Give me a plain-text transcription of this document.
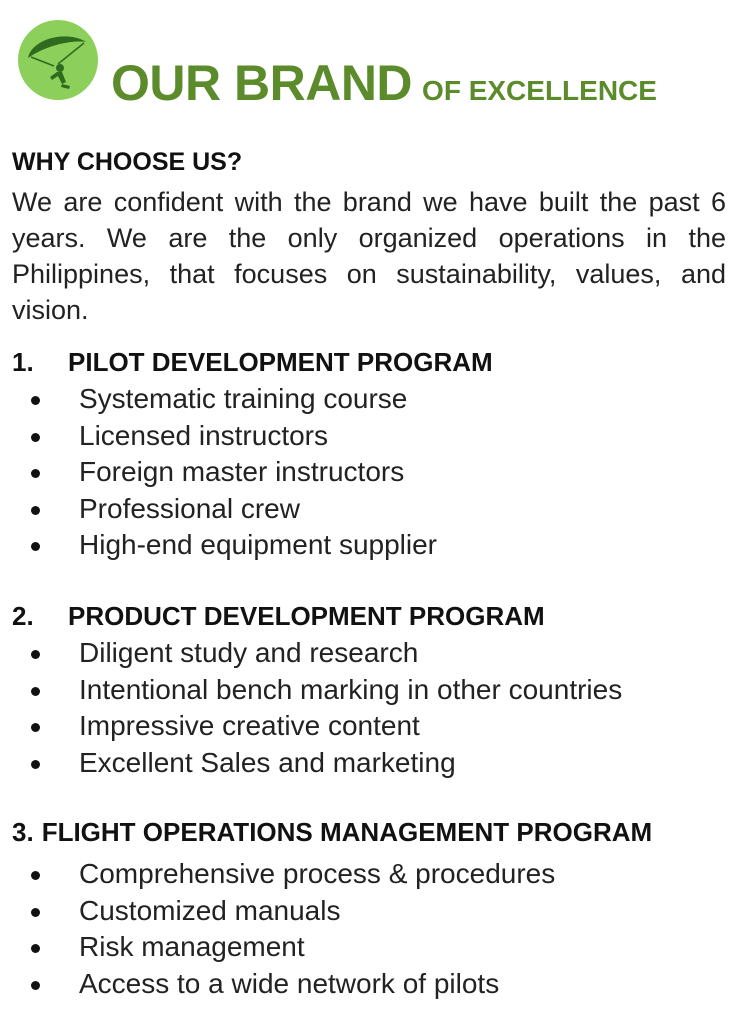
OUR BRAND OF EXCELLENCE
WHY CHOOSE US?
We are confident with the brand we have built the past 6 years. We are the only organized operations in the Philippines, that focuses on sustainability, values, and vision.
1. PILOT DEVELOPMENT PROGRAM
Systematic training course
Licensed instructors
Foreign master instructors
Professional crew
High-end equipment supplier
2. PRODUCT DEVELOPMENT PROGRAM
Diligent study and research
Intentional bench marking in other countries
Impressive creative content
Excellent Sales and marketing
3. FLIGHT OPERATIONS MANAGEMENT PROGRAM
Comprehensive process & procedures
Customized manuals
Risk management
Access to a wide network of pilots
